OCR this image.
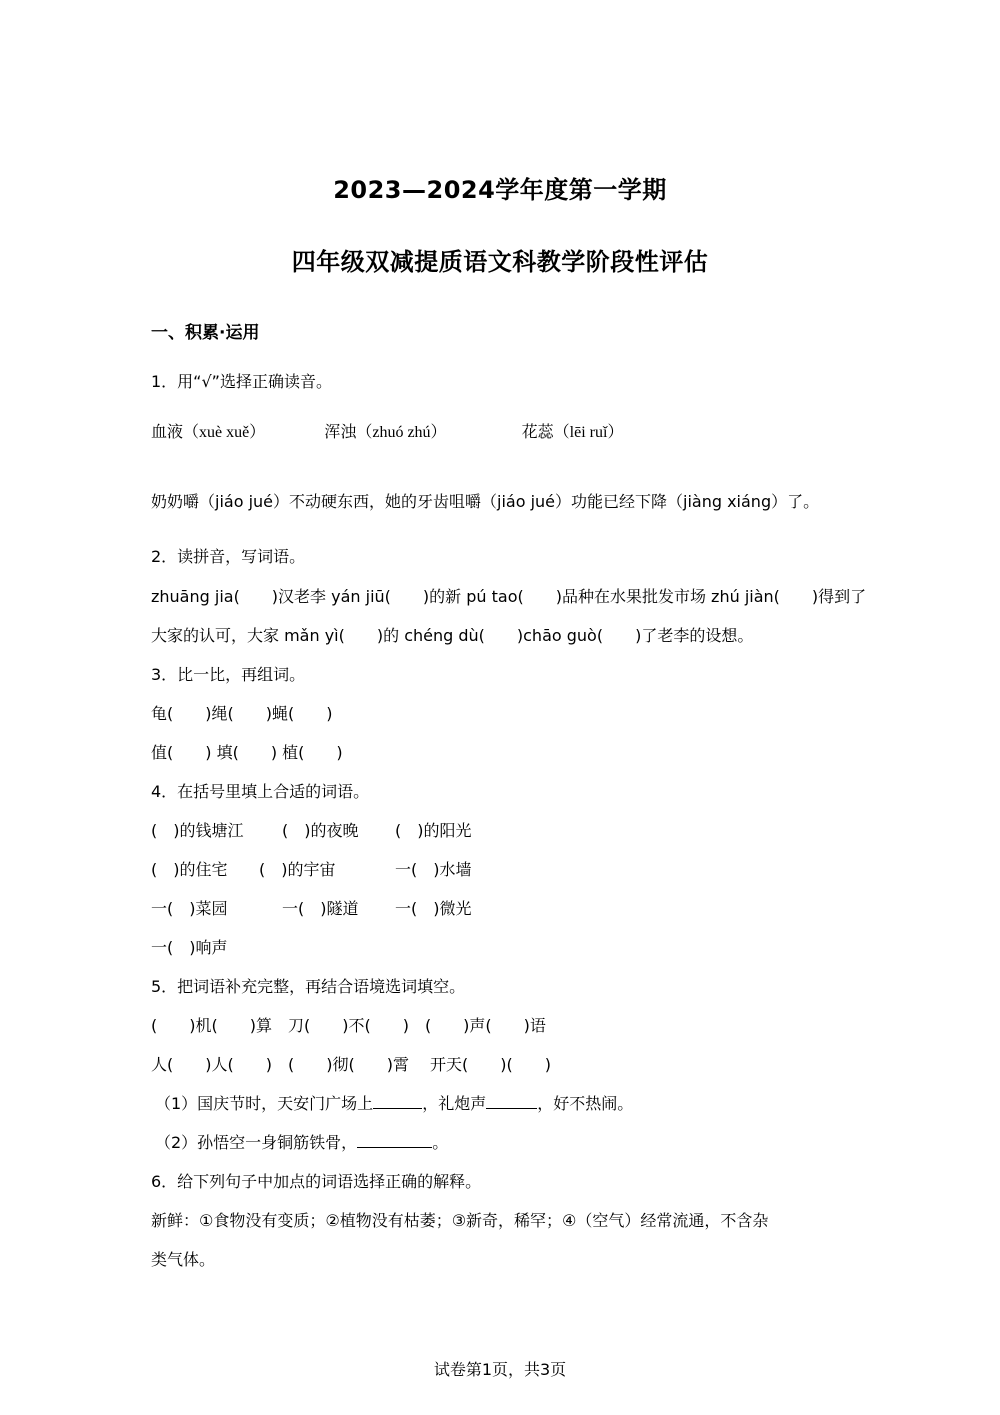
2023—2024学年度第一学期
四年级双减提质语文科教学阶段性评估
一、积累·运用
1．用“√”选择正确读音。
血液（xuè xuě）	浑浊（zhuó zhú）	花蕊（lēi ruǐ）
奶奶嚼（jiáo jué）不动硬东西，她的牙齿咀嚼（jiáo jué）功能已经下降（jiàng xiáng）了。
2．读拼音，写词语。
zhuāng jia(　　)汉老李 yán jiū(　　)的新 pú tao(　　)品种在水果批发市场 zhú jiàn(　　)得到了
大家的认可，大家 mǎn yì(　　)的 chéng dù(　　)chāo guò(　　)了老李的设想。
3．比一比，再组词。
龟(　　)绳(　　)蝇(　　)
值(　　) 填(　　) 植(　　)
4．在括号里填上合适的词语。
(　)的钱塘江 (　)的夜晚 (　)的阳光
(　)的住宅 (　)的宇宙	一(　)水墙
一(　)菜园	一(　)隧道 一(　)微光
一(　)响声
5．把词语补充完整，再结合语境选词填空。
(　　)机(　　)算　刀(　　)不(　　)　(　　)声(　　)语
人(　　)人(　　)　(　　)彻(　　)霄　 开天(　　)(　　)
（1）国庆节时，天安门广场上	，礼炮声	，好不热闹。
（2）孙悟空一身铜筋铁骨，	。
6．给下列句子中加点的词语选择正确的解释。
新鲜：①食物没有变质；②植物没有枯萎；③新奇，稀罕；④（空气）经常流通，不含杂
类气体。
试卷第1页，共3页
